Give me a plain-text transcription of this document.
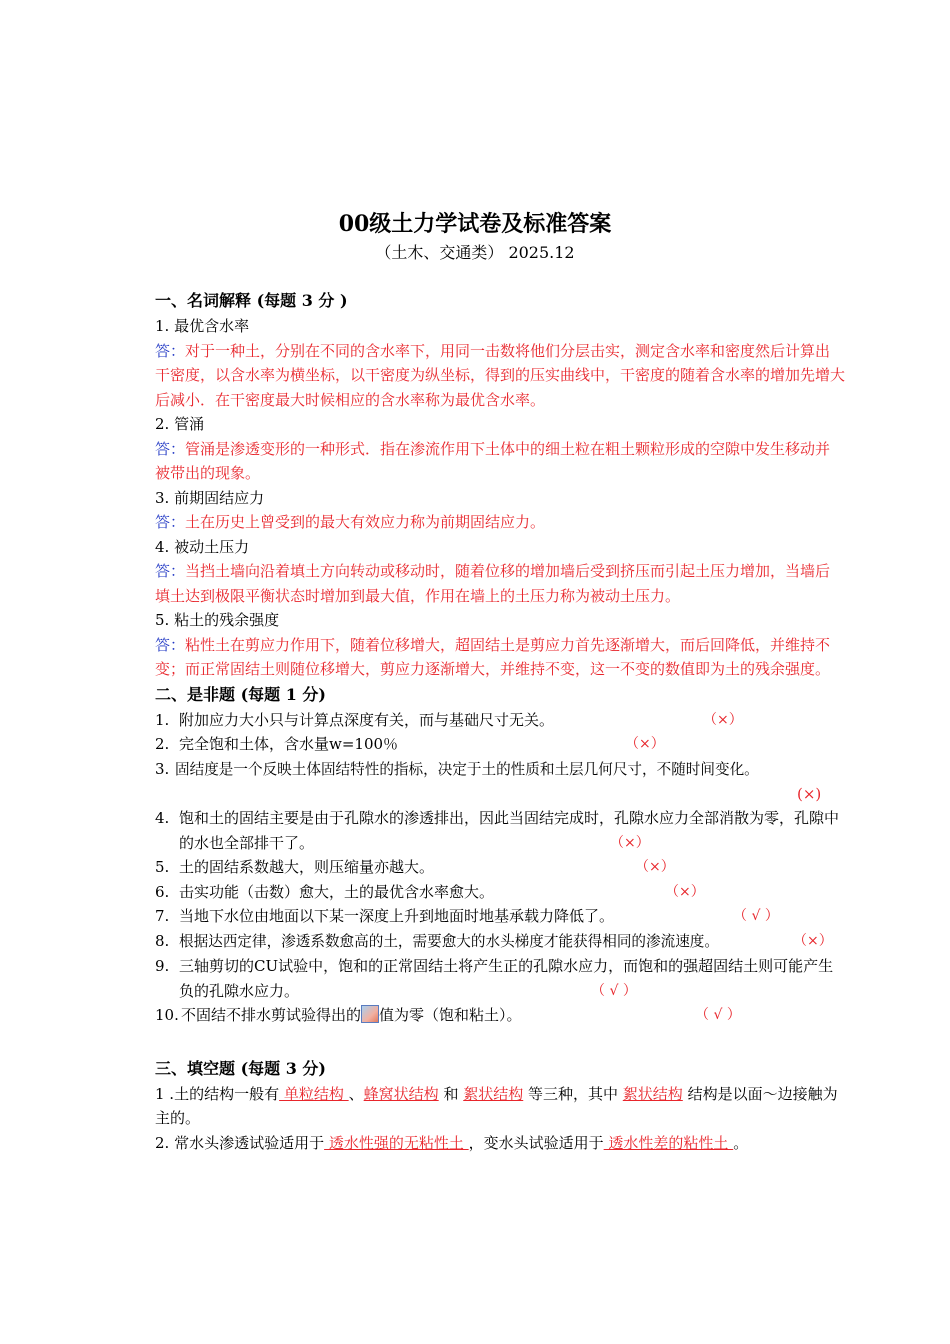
00级土力学试卷及标准答案
（土木、交通类） 2025.12

一、名词解释 (每题 3 分 )

1. 最优含水率

答：对于一种土，分别在不同的含水率下，用同一击数将他们分层击实，测定含水率和密度然后计算出干密度，以含水率为横坐标，以干密度为纵坐标，得到的压实曲线中，干密度的随着含水率的增加先增大后减小．在干密度最大时候相应的含水率称为最优含水率。

2. 管涌

答：管涌是渗透变形的一种形式．指在渗流作用下土体中的细土粒在粗土颗粒形成的空隙中发生移动并被带出的现象。

3. 前期固结应力

答：土在历史上曾受到的最大有效应力称为前期固结应力。

4. 被动土压力

答：当挡土墙向沿着填土方向转动或移动时，随着位移的增加墙后受到挤压而引起土压力增加，当墙后填土达到极限平衡状态时增加到最大值，作用在墙上的土压力称为被动土压力。

5. 粘土的残余强度

答：粘性土在剪应力作用下，随着位移增大，超固结土是剪应力首先逐渐增大，而后回降低，并维持不变；而正常固结土则随位移增大，剪应力逐渐增大，并维持不变，这一不变的数值即为土的残余强度。

二、是非题 (每题 1 分)

1. 附加应力大小只与计算点深度有关，而与基础尺寸无关。	（×）

2. 完全饱和土体，含水量w=100％	（×）

3. 固结度是一个反映土体固结特性的指标，决定于土的性质和土层几何尺寸，不随时间变化。
(×)

4. 饱和土的固结主要是由于孔隙水的渗透排出，因此当固结完成时，孔隙水应力全部消散为零，孔隙中的水也全部排干了。	（×）

5. 土的固结系数越大，则压缩量亦越大。	（×）

6. 击实功能（击数）愈大，土的最优含水率愈大。	（×）

7. 当地下水位由地面以下某一深度上升到地面时地基承载力降低了。	（ √ ）

8. 根据达西定律，渗透系数愈高的土，需要愈大的水头梯度才能获得相同的渗流速度。	（×）

9. 三轴剪切的CU试验中，饱和的正常固结土将产生正的孔隙水应力，而饱和的强超固结土则可能产生负的孔隙水应力。	（ √ ）

10. 不固结不排水剪试验得出的 值为零（饱和粘土）。	（ √ ）

三、填空题 (每题 3 分)

1 .土的结构一般有 单粒结构 、蜂窝状结构 和 絮状结构 等三种，其中 絮状结构 结构是以面～边接触为主的。

2. 常水头渗透试验适用于 透水性强的无粘性土 ，变水头试验适用于 透水性差的粘性土 。
